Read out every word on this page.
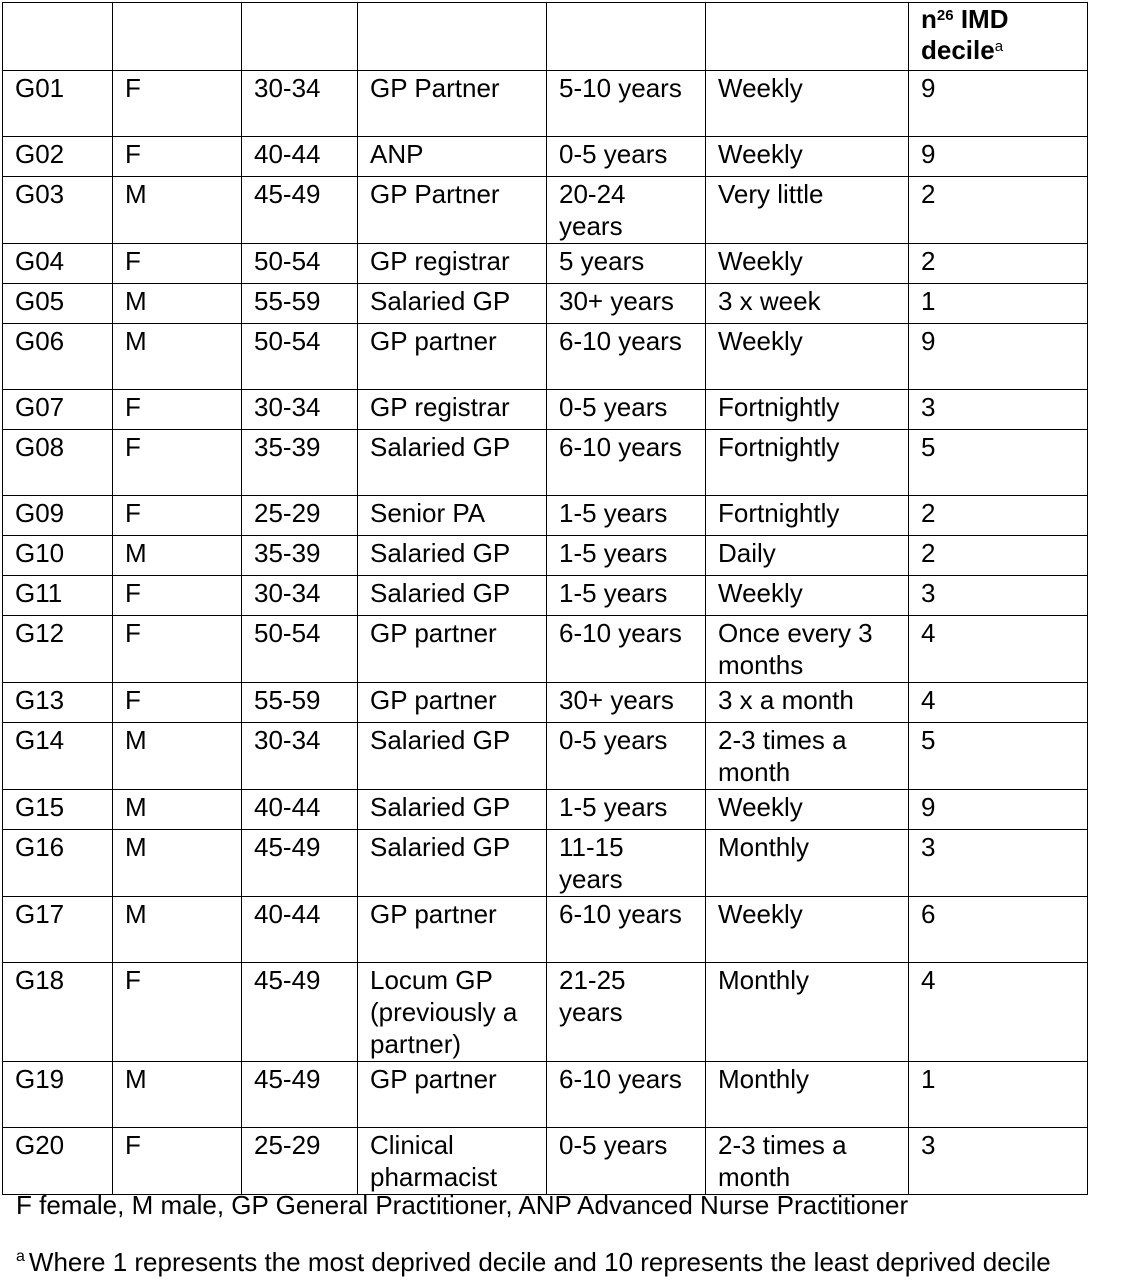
						$n^{26}$ IMD decile$^a$
G01	F	30-34	GP Partner	5-10 years	Weekly	9
G02	F	40-44	ANP	0-5 years	Weekly	9
G03	M	45-49	GP Partner	20-24 years	Very little	2
G04	F	50-54	GP registrar	5 years	Weekly	2
G05	M	55-59	Salaried GP	30+ years	3 x week	1
G06	M	50-54	GP partner	6-10 years	Weekly	9
G07	F	30-34	GP registrar	0-5 years	Fortnightly	3
G08	F	35-39	Salaried GP	6-10 years	Fortnightly	5
G09	F	25-29	Senior PA	1-5 years	Fortnightly	2
G10	M	35-39	Salaried GP	1-5 years	Daily	2
G11	F	30-34	Salaried GP	1-5 years	Weekly	3
G12	F	50-54	GP partner	6-10 years	Once every 3 months	4
G13	F	55-59	GP partner	30+ years	3 x a month	4
G14	M	30-34	Salaried GP	0-5 years	2-3 times a month	5
G15	M	40-44	Salaried GP	1-5 years	Weekly	9
G16	M	45-49	Salaried GP	11-15 years	Monthly	3
G17	M	40-44	GP partner	6-10 years	Weekly	6
G18	F	45-49	Locum GP (previously a partner)	21-25 years	Monthly	4
G19	M	45-49	GP partner	6-10 years	Monthly	1
G20	F	25-29	Clinical pharmacist	0-5 years	2-3 times a month	3
F female, M male, GP General Practitioner, ANP Advanced Nurse Practitioner
$^a$ Where 1 represents the most deprived decile and 10 represents the least deprived decile
